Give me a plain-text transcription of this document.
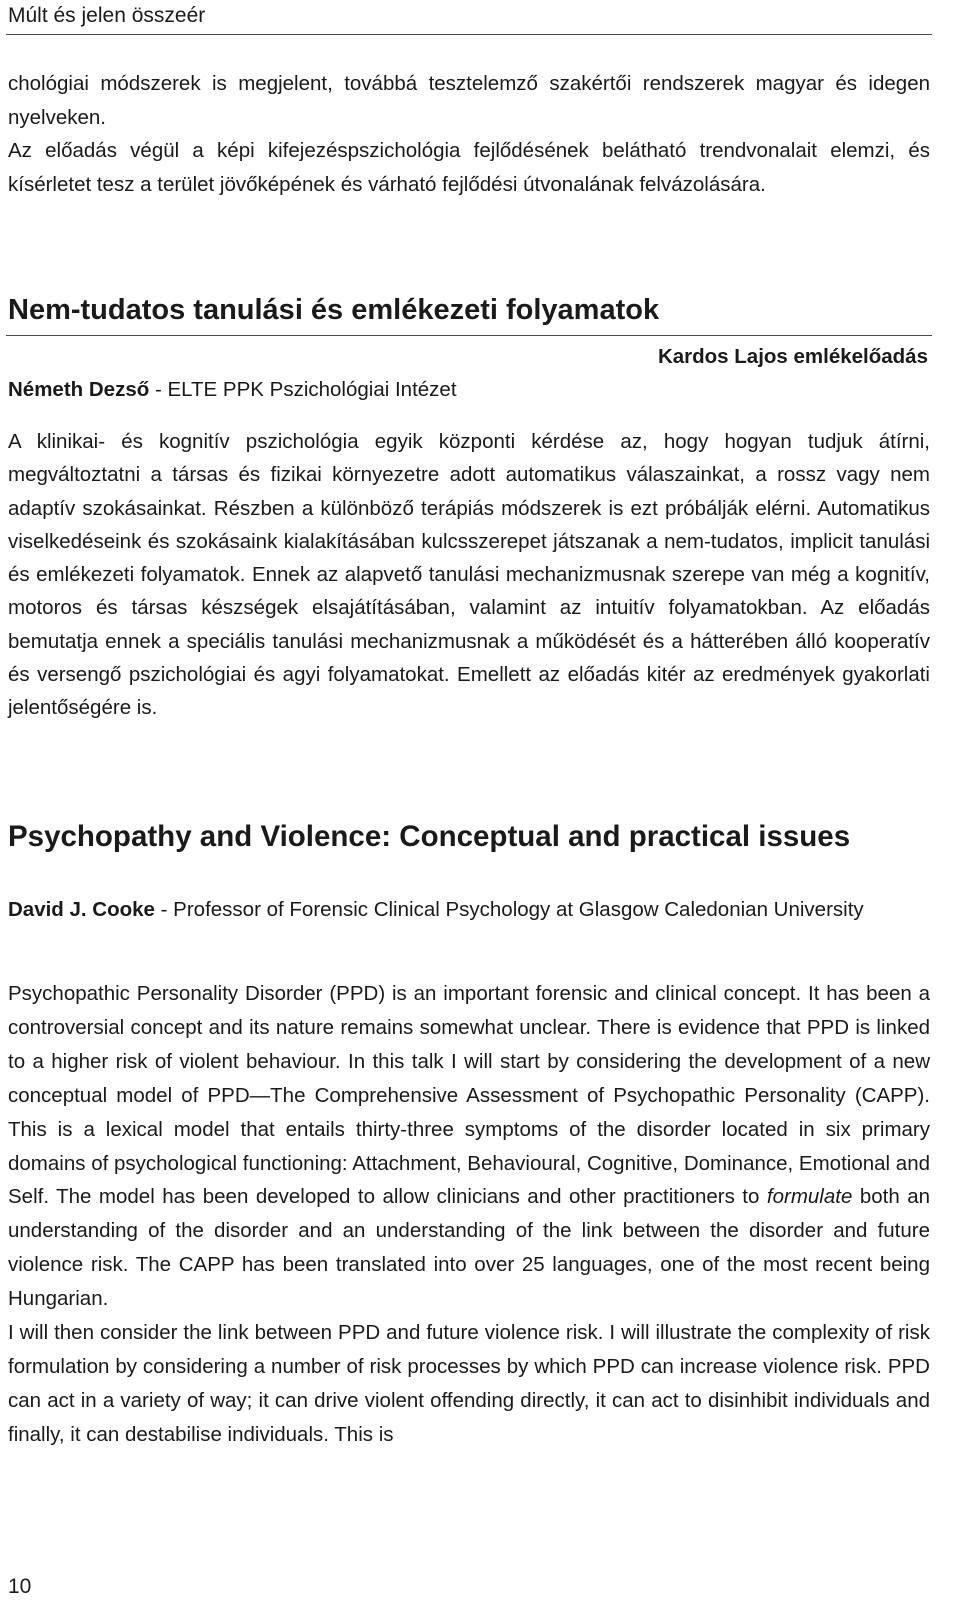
Múlt és jelen összeér
chológiai módszerek is megjelent, továbbá tesztelemző szakértői rendszerek magyar és idegen nyelveken.
Az előadás végül a képi kifejezéspszichológia fejlődésének belátható trendvonalait elemzi, és kísérletet tesz a terület jövőképének és várható fejlődési útvonalának felvázolására.
Nem-tudatos tanulási és emlékezeti folyamatok
Kardos Lajos emlékelőadás

Németh Dezső - ELTE PPK Pszichológiai Intézet

A klinikai- és kognitív pszichológia egyik központi kérdése az, hogy hogyan tudjuk átírni, megváltoztatni a társas és fizikai környezetre adott automatikus válaszainkat, a rossz vagy nem adaptív szokásainkat. Részben a különböző terápiás módszerek is ezt próbálják elérni. Automatikus viselkedéseink és szokásaink kialakításában kulcsszerepet játszanak a nem-tudatos, implicit tanulási és emlékezeti folyamatok. Ennek az alapvető tanulási mechanizmusnak szerepe van még a kognitív, motoros és társas készségek elsajátításában, valamint az intuitív folyamatokban. Az előadás bemutatja ennek a speciális tanulási mechanizmusnak a működését és a hátterében álló kooperatív és versengő pszichológiai és agyi folyamatokat. Emellett az előadás kitér az eredmények gyakorlati jelentőségére is.

Psychopathy and Violence: Conceptual and practical issues

David J. Cooke - Professor of Forensic Clinical Psychology at Glasgow Caledonian University

Psychopathic Personality Disorder (PPD) is an important forensic and clinical concept. It has been a controversial concept and its nature remains somewhat unclear. There is evidence that PPD is linked to a higher risk of violent behaviour. In this talk I will start by considering the development of a new conceptual model of PPD—The Comprehensive Assessment of Psychopathic Personality (CAPP). This is a lexical model that entails thirty-three symptoms of the disorder located in six primary domains of psychological functioning: Attachment, Behavioural, Cognitive, Dominance, Emotional and Self. The model has been developed to allow clinicians and other practitioners to formulate both an understanding of the disorder and an understanding of the link between the disorder and future violence risk. The CAPP has been translated into over 25 languages, one of the most recent being Hungarian.
I will then consider the link between PPD and future violence risk. I will illustrate the complexity of risk formulation by considering a number of risk processes by which PPD can increase violence risk. PPD can act in a variety of way; it can drive violent offending directly, it can act to disinhibit individuals and finally, it can destabilise individuals. This is

10
